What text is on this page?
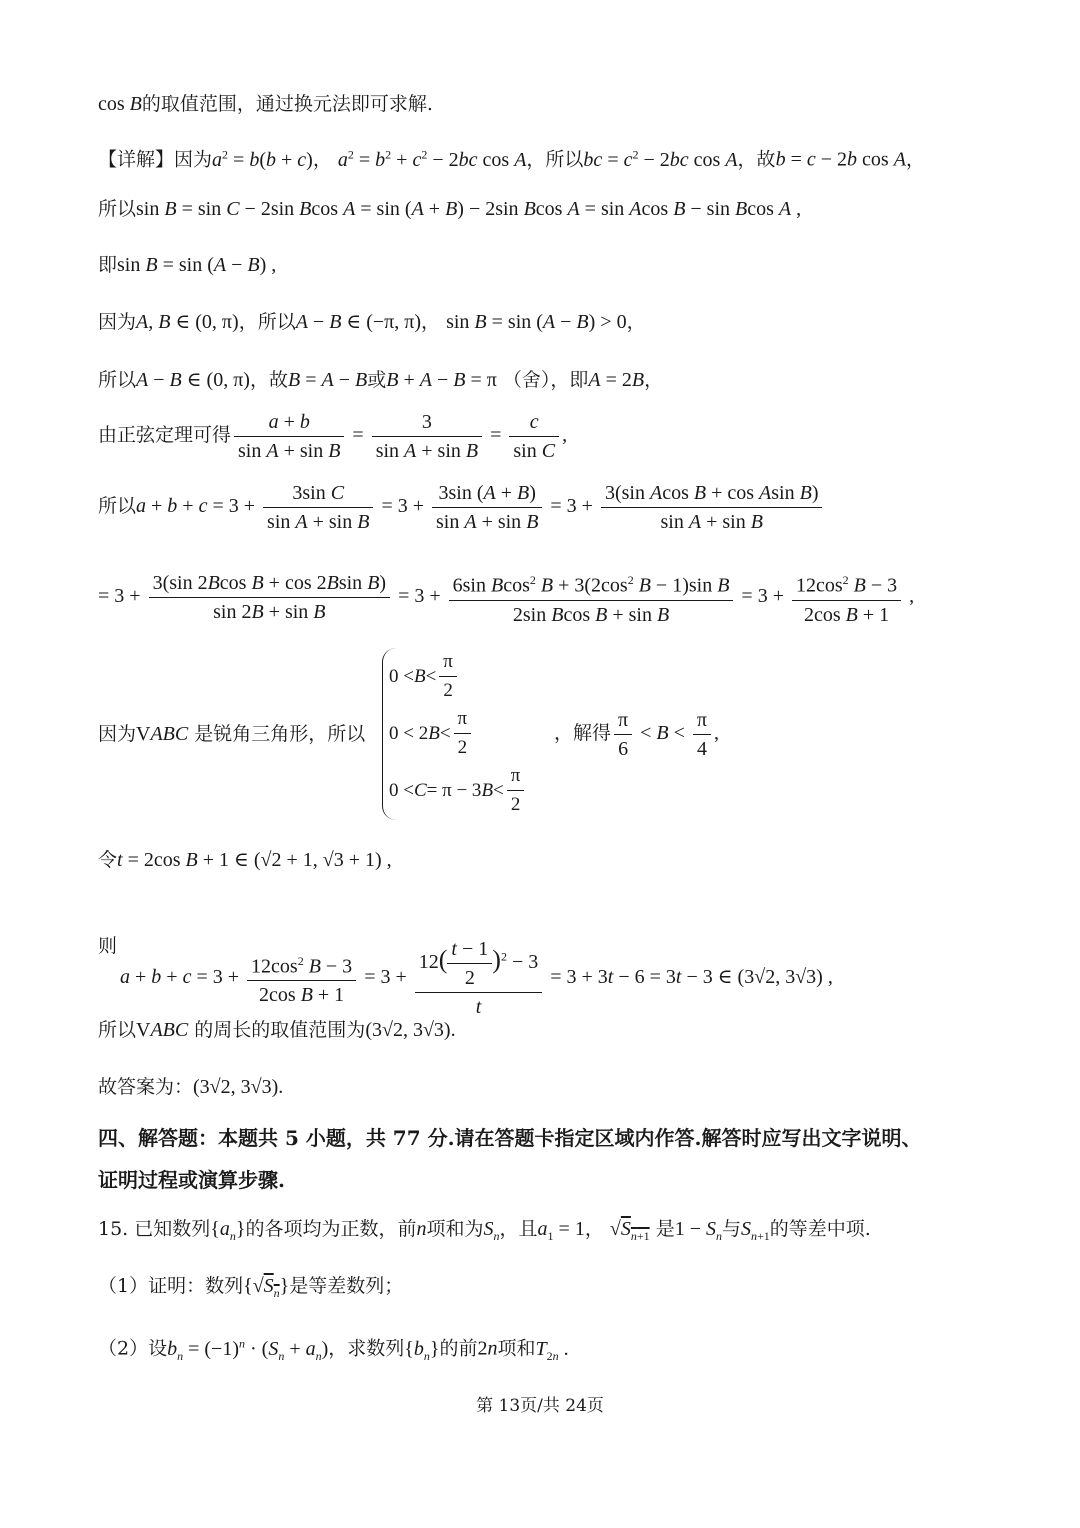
cos B的取值范围，通过换元法即可求解.
【详解】因为$a^2 = b(b + c)$， $a^2 = b^2 + c^2 - 2bc$ cos A，所以bc = $c^2 - 2bc$ cos A，故b = c − 2b cos A，
所以sin B = sin C − 2sin Bcos A = sin (A + B) − 2sin Bcos A = sin Acos B − sin Bcos A ,
即sin B = sin (A − B) ,
因为A, B ∈ (0, π)，所以A − B ∈ (−π, π)， sin B = sin (A − B) > 0，
所以A − B ∈ (0, π)，故B = A − B或B + A − B = π （舍），即A = 2B，
由正弦定理可得 $\frac{a + b}{\text{sin A + sin B}} = \frac{3}{\text{sin A + sin B}} = \frac{c}{\text{sin C}}$ ,
所以$a + b + c = 3 + \frac{\text{3sin C}}{\text{sin A + sin B}} = 3 + \frac{3\sin (A + B)}{\text{sin A + sin B}} = 3 + \frac{\text{3(sin Acos B + cos Asin B)}}{\text{sin A + sin B}}$
= $3 + \frac{\text{3(sin 2Bcos B + cos 2Bsin B)}}{\text{sin 2B + sin B}} = 3 + \frac{6\sin Bcos^2 B + 3(2\cos^2 B - 1)\sin B}{\text{2sin Bcos B + sin B}} = 3 + \frac{12\cos^2 B - 3}{\text{2cos B + 1}}$ ,
因为VABC 是锐角三角形，所以
$0 < B < \frac{\pi}{2}$
0 < 2 $B < \frac{\pi}{2}$
0 < C = π − 3 $B < \frac{\pi}{2}$
，解得 $\frac{\pi}{6} < B < \frac{\pi}{4}$ ,
令t = 2cos B + 1 ∈ (√2 + 1, √3 + 1) ,
则
$a + b + c = 3 + \frac{12\cos^2 B - 3}{\text{2cos B + 1}} = 3 + \frac{12( \frac{t - 1}{2} )^2 - 3}{t} = 3 + 3t - 6 = 3t - 3$ ∈ (3√2, 3√3) ,
所以VABC 的周长的取值范围为(3√2, 3√3).
故答案为：(3√2, 3√3).
四、解答题：本题共 5 小题，共 77 分.请在答题卡指定区域内作答.解答时应写出文字说明、
证明过程或演算步骤.
15. 已知数列$\{a_n\}$的各项均为正数，前n项和为$S_n$，且$a_1 = 1$， $√S_{n+1}$ 是$1 - S_n$与$S_{n+1}$的等差中项.
（1）证明：数列$\{√S_n\}$是等差数列；
（2）设$b_n = (-1)^n \cdot (S_n + a_n)$，求数列$\{b_n\}$的前2n项和$T_{2n}$ .
第 13页/共 24页
